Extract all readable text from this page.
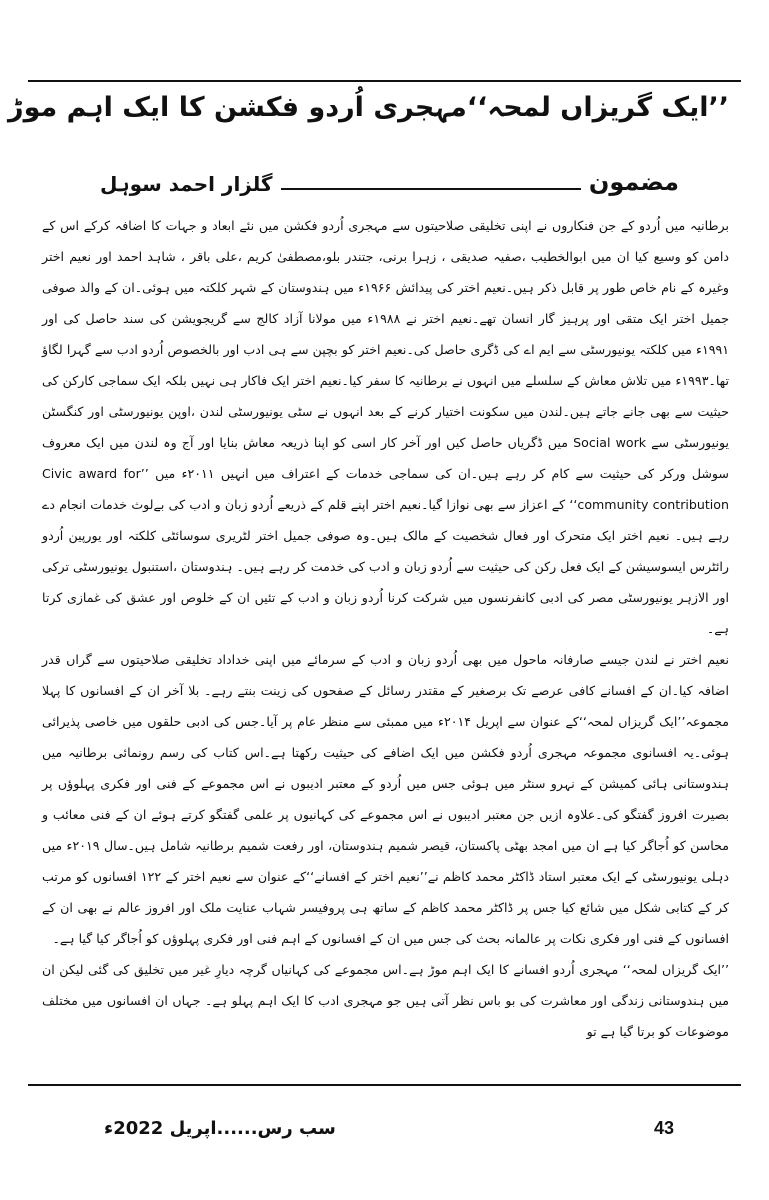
’’ایک گریزاں لمحہ‘‘مہجری اُردو فکشن کا ایک اہم موڑ
مضمون
گلزار احمد سوہل

برطانیہ میں اُردو کے جن فنکاروں نے اپنی تخلیقی صلاحیتوں سے مہجری اُردو فکشن میں نئے ابعاد و جہات کا اضافہ کرکے اس کے دامن کو وسیع کیا ان میں ابوالخطیب ،صفیہ صدیقی ، زہرا برنی، جتندر بلو،مصطفیٰ کریم ،علی باقر ، شاہد احمد اور نعیم اختر وغیرہ کے نام خاص طور پر قابل ذکر ہیں۔نعیم اختر کی پیدائش ۱۹۶۶ء میں ہندوستان کے شہر کلکتہ میں ہوئی۔ان کے والد صوفی جمیل اختر ایک متقی اور پرہیز گار انسان تھے۔نعیم اختر نے ۱۹۸۸ء میں مولانا آزاد کالج سے گریجویشن کی سند حاصل کی اور ۱۹۹۱ء میں کلکتہ یونیورسٹی سے ایم اے کی ڈگری حاصل کی۔نعیم اختر کو بچپن سے ہی ادب اور بالخصوص اُردو ادب سے گہرا لگاؤ تھا۔۱۹۹۳ء میں تلاش معاش کے سلسلے میں انہوں نے برطانیہ کا سفر کیا۔نعیم اختر ایک فاکار ہی نہیں بلکہ ایک سماجی کارکن کی حیثیت سے بھی جانے جاتے ہیں۔لندن میں سکونت اختیار کرنے کے بعد انہوں نے سٹی یونیورسٹی لندن ،اوپن یونیورسٹی اور کنگسٹن یونیورسٹی سے Social work میں ڈگریاں حاصل کیں اور آخر کار اسی کو اپنا ذریعہ معاش بنایا اور آج وہ لندن میں ایک معروف سوشل ورکر کی حیثیت سے کام کر رہے ہیں۔ان کی سماجی خدمات کے اعتراف میں انہیں ۲۰۱۱ء میں ’’Civic award for community contribution‘‘ کے اعزاز سے بھی نوازا گیا۔نعیم اختر اپنے قلم کے ذریعے اُردو زبان و ادب کی بےلوث خدمات انجام دے رہے ہیں۔ نعیم اختر ایک متحرک اور فعال شخصیت کے مالک ہیں۔وہ صوفی جمیل اختر لٹریری سوسائٹی کلکتہ اور یورپین اُردو رائٹرس ایسوسیشن کے ایک فعل رکن کی حیثیت سے اُردو زبان و ادب کی خدمت کر رہے ہیں۔ ہندوستان ،استنبول یونیورسٹی ترکی اور الازہر یونیورسٹی مصر کی ادبی کانفرنسوں میں شرکت کرنا اُردو زبان و ادب کے تئیں ان کے خلوص اور عشق کی غمازی کرتا ہے۔

نعیم اختر نے لندن جیسے صارفانہ ماحول میں بھی اُردو زبان و ادب کے سرمائے میں اپنی خداداد تخلیقی صلاحیتوں سے گراں قدر اضافہ کیا۔ان کے افسانے کافی عرصے تک برصغیر کے مقتدر رسائل کے صفحوں کی زینت بنتے رہے۔ بلا آخر ان کے افسانوں کا پہلا مجموعہ’’ایک گریزاں لمحہ‘‘کے عنوان سے اپریل ۲۰۱۴ء میں ممبئی سے منظر عام پر آیا۔جس کی ادبی حلقوں میں خاصی پذیرائی ہوئی۔یہ افسانوی مجموعہ مہجری اُردو فکشن میں ایک اضافے کی حیثیت رکھتا ہے۔اس کتاب کی رسم رونمائی برطانیہ میں ہندوستانی ہائی کمیشن کے نہرو سنٹر میں ہوئی جس میں اُردو کے معتبر ادیبوں نے اس مجموعے کے فنی اور فکری پہلوؤں پر بصیرت افروز گفتگو کی۔علاوہ ازیں جن معتبر ادیبوں نے اس مجموعے کی کہانیوں پر علمی گفتگو کرتے ہوئے ان کے فنی معائب و محاسن کو اُجاگر کیا ہے ان میں امجد بھٹی پاکستان، قیصر شمیم ہندوستان، اور رفعت شمیم برطانیہ شامل ہیں۔سال ۲۰۱۹ء میں دہلی یونیورسٹی کے ایک معتبر استاد ڈاکٹر محمد کاظم نے’’نعیم اختر کے افسانے‘‘کے عنوان سے نعیم اختر کے ۱۲۲ افسانوں کو مرتب کر کے کتابی شکل میں شائع کیا جس پر ڈاکٹر محمد کاظم کے ساتھ ہی پروفیسر شہاب عنایت ملک اور افروز عالم نے بھی ان کے افسانوں کے فنی اور فکری نکات پر عالمانہ بحث کی جس میں ان کے افسانوں کے اہم فنی اور فکری پہلوؤں کو اُجاگر کیا گیا ہے۔

’’ایک گریزاں لمحہ‘‘ مہجری اُردو افسانے کا ایک اہم موڑ ہے۔اس مجموعے کی کہانیاں گرچہ دیارِ غیر میں تخلیق کی گئی لیکن ان میں ہندوستانی زندگی اور معاشرت کی بو باس نظر آتی ہیں جو مہجری ادب کا ایک اہم پہلو ہے۔ جہاں ان افسانوں میں مختلف موضوعات کو برتا گیا ہے تو

سب رس......اپریل 2022ء	43
